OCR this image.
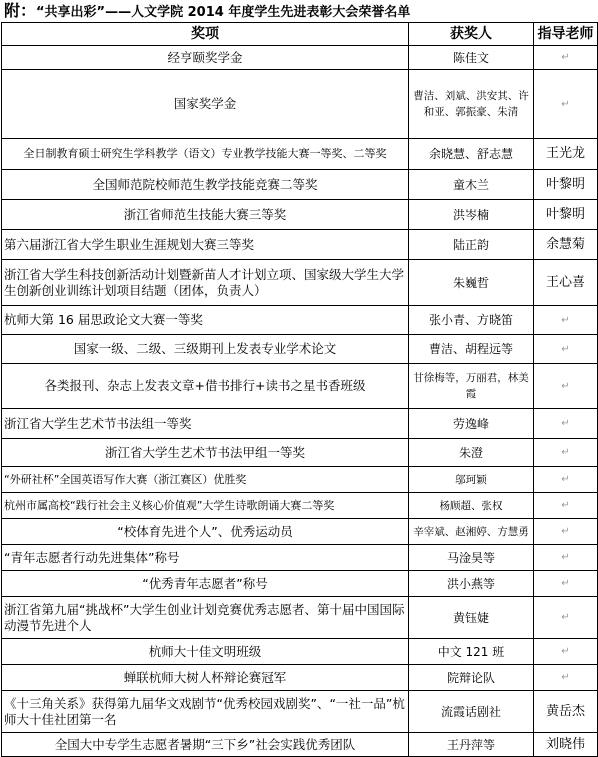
附：“共享出彩”——人文学院 2014 年度学生先进表彰大会荣誉名单
奖项	获奖人	指导老师
经亨颐奖学金	陈佳文	↵
国家奖学金	曹洁、刘斌、洪安其、许和亚、郭振豪、朱清	↵
全日制教育硕士研究生学科教学（语文）专业教学技能大赛一等奖、二等奖	余晓慧、舒志慧	王光龙
全国师范院校师范生教学技能竞赛二等奖	童木兰	叶黎明
浙江省师范生技能大赛三等奖	洪岑楠	叶黎明
第六届浙江省大学生职业生涯规划大赛三等奖	陆正韵	余慧菊
浙江省大学生科技创新活动计划暨新苗人才计划立项、国家级大学生大学生创新创业训练计划项目结题（团体，负责人）	朱巍哲	王心喜
杭师大第 16 届思政论文大赛一等奖	张小青、方晓笛	↵
国家一级、二级、三级期刊上发表专业学术论文	曹洁、胡程远等	↵
各类报刊、杂志上发表文章+借书排行+读书之星书香班级	甘徐梅等，万丽君，林美霞	↵
浙江省大学生艺术节书法组一等奖	劳逸峰	↵
浙江省大学生艺术节书法甲组一等奖	朱澄	↵
“外研社杯”全国英语写作大赛（浙江赛区）优胜奖	邬珂颖	↵
杭州市属高校“践行社会主义核心价值观”大学生诗歌朗诵大赛二等奖	杨顾超、张权	↵
“校体育先进个人”、优秀运动员	辛宰斌、赵湘婷、方慧勇	↵
“青年志愿者行动先进集体”称号	马淦昊等	↵
“优秀青年志愿者”称号	洪小燕等	↵
浙江省第九届“挑战杯”大学生创业计划竞赛优秀志愿者、第十届中国国际动漫节先进个人	黄钰婕	↵
杭师大十佳文明班级	中文 121 班	↵
蝉联杭师大树人杯辩论赛冠军	院辩论队	↵
《十三角关系》获得第九届华文戏剧节“优秀校园戏剧奖”、“一社一品”杭师大十佳社团第一名	流霞话剧社	黄岳杰
全国大中专学生志愿者暑期“三下乡”社会实践优秀团队	王丹萍等	刘晓伟
